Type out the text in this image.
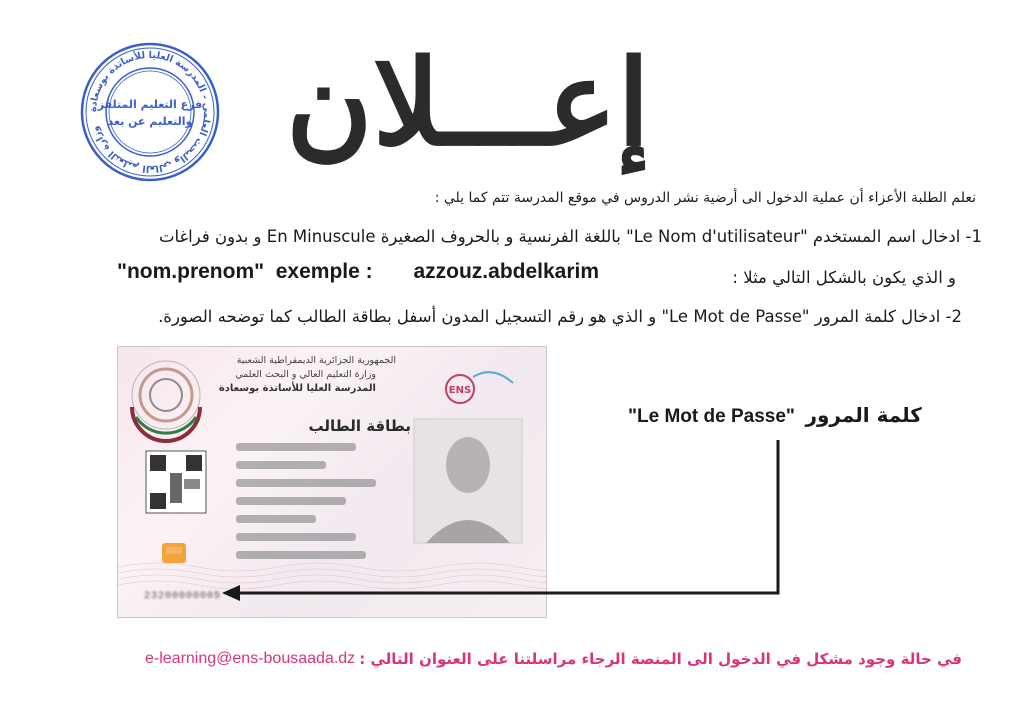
وزارة التعليم العالي والبحث العلمي - المدرسة العليا للأساتذة بوسعادة
فرع التعليم المتلفز
والتعليم عن بعد إعـــلان
نعلم الطلبة الأعزاء أن عملية الدخول الى أرضية نشر الدروس في موقع المدرسة تتم كما يلي :
1- ادخال اسم المستخدم "Le Nom d'utilisateur" باللغة الفرنسية و بالحروف الصغيرة En Minuscule و بدون فراغات
و الذي يكون بالشكل التالي مثلا :
"nom.prenom"  exemple :       azzouz.abdelkarim
2- ادخال كلمة المرور "Le Mot de Passe" و الذي هو رقم التسجيل المدون أسفل بطاقة الطالب كما توضحه الصورة.
ENS
الجمهورية الجزائرية الديمقراطية الشعبية
وزارة التعليم العالي و البحث العلمي
المدرسة العليا للأساتذة بوسعادة
بطاقة الطالب
23200000005
"Le Mot de Passe" كلمة المرور
e-learning@ens-bousaada.dz في حالة وجود مشكل في الدخول الى المنصة الرجاء مراسلتنا على العنوان التالي :
